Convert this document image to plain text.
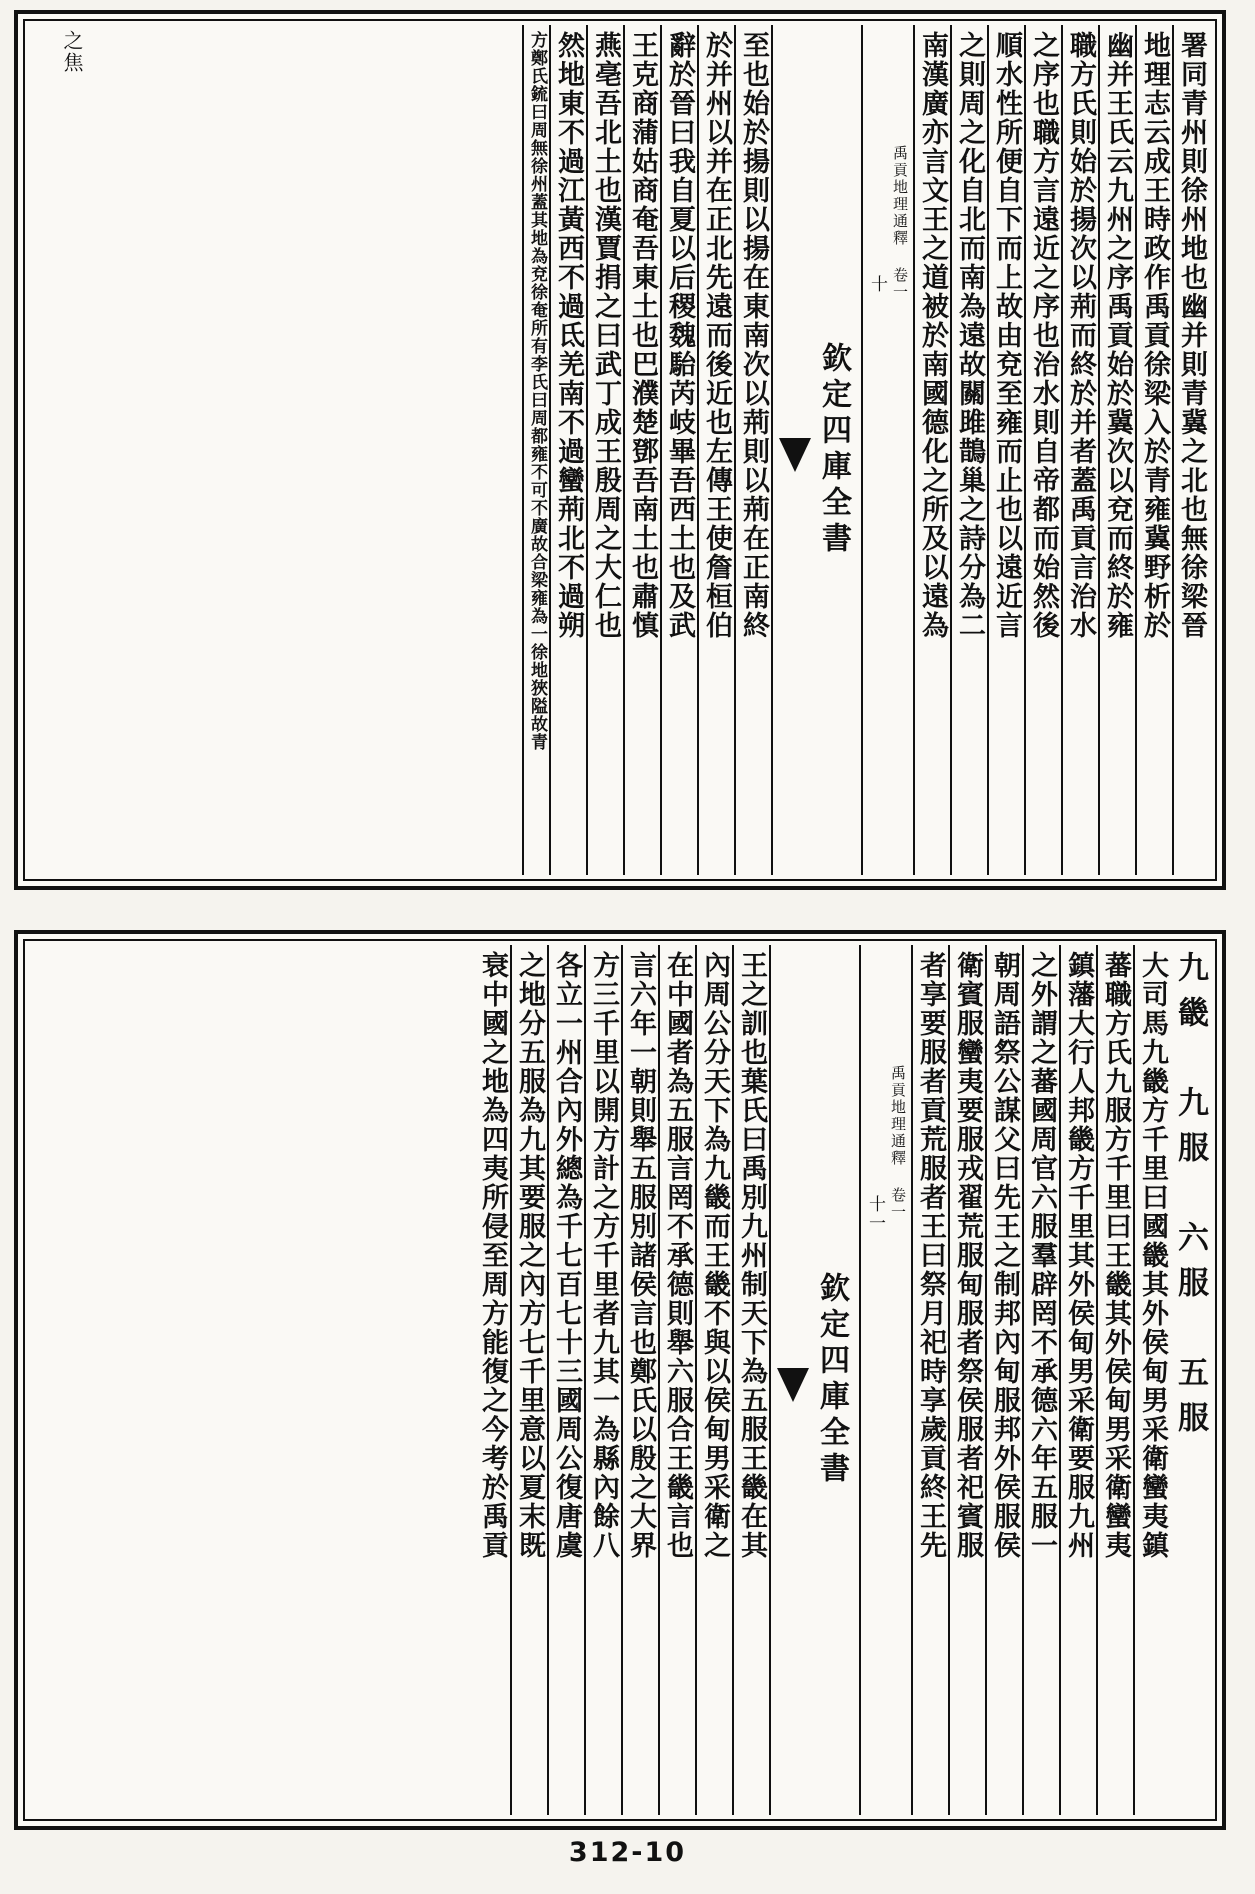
署同青州則徐州地也幽并則青冀之北也無徐梁晉
地理志云成王時政作禹貢徐梁入於青雍冀野析於
幽并王氏云九州之序禹貢始於冀次以兗而終於雍
職方氏則始於揚次以荊而終於并者蓋禹貢言治水
之序也職方言遠近之序也治水則自帝都而始然後
順水性所便自下而上故由兗至雍而止也以遠近言
之則周之化自北而南為遠故關雎鵲巢之詩分為二
南漢廣亦言文王之道被於南國德化之所及以遠為
禹貢地理通釋 卷一
十
欽定四庫全書
至也始於揚則以揚在東南次以荊則以荊在正南終
於并州以并在正北先遠而後近也左傳王使詹桓伯
辭於晉曰我自夏以后稷魏駘芮岐畢吾西土也及武
王克商蒲姑商奄吾東土也巴濮楚鄧吾南土也肅慎
燕亳吾北土也漢賈捐之曰武丁成王殷周之大仁也
然地東不過江黃西不過氐羌南不過蠻荊北不過朔
方鄭氏鋶曰周無徐州蓋其地為兗徐奄所有李氏曰周都雍不可不廣故合梁雍為一徐地狹隘故青
之焦
九畿　九服　六服　五服
大司馬九畿方千里曰國畿其外侯甸男采衛蠻夷鎮
蕃職方氏九服方千里曰王畿其外侯甸男采衛蠻夷
鎮藩大行人邦畿方千里其外侯甸男采衛要服九州
之外謂之蕃國周官六服羣辟罔不承德六年五服一
朝周語祭公謀父曰先王之制邦內甸服邦外侯服侯
衛賓服蠻夷要服戎翟荒服甸服者祭侯服者祀賓服
者享要服者貢荒服者王曰祭月祀時享歲貢終王先
禹貢地理通釋 卷一
十一
欽定四庫全書
王之訓也葉氏曰禹別九州制天下為五服王畿在其
內周公分天下為九畿而王畿不與以侯甸男采衛之
在中國者為五服言罔不承德則舉六服合王畿言也
言六年一朝則舉五服別諸侯言也鄭氏以殷之大界
方三千里以開方計之方千里者九其一為縣內餘八
各立一州合內外總為千七百七十三國周公復唐虞
之地分五服為九其要服之內方七千里意以夏末既
衰中國之地為四夷所侵至周方能復之今考於禹貢
312-10
